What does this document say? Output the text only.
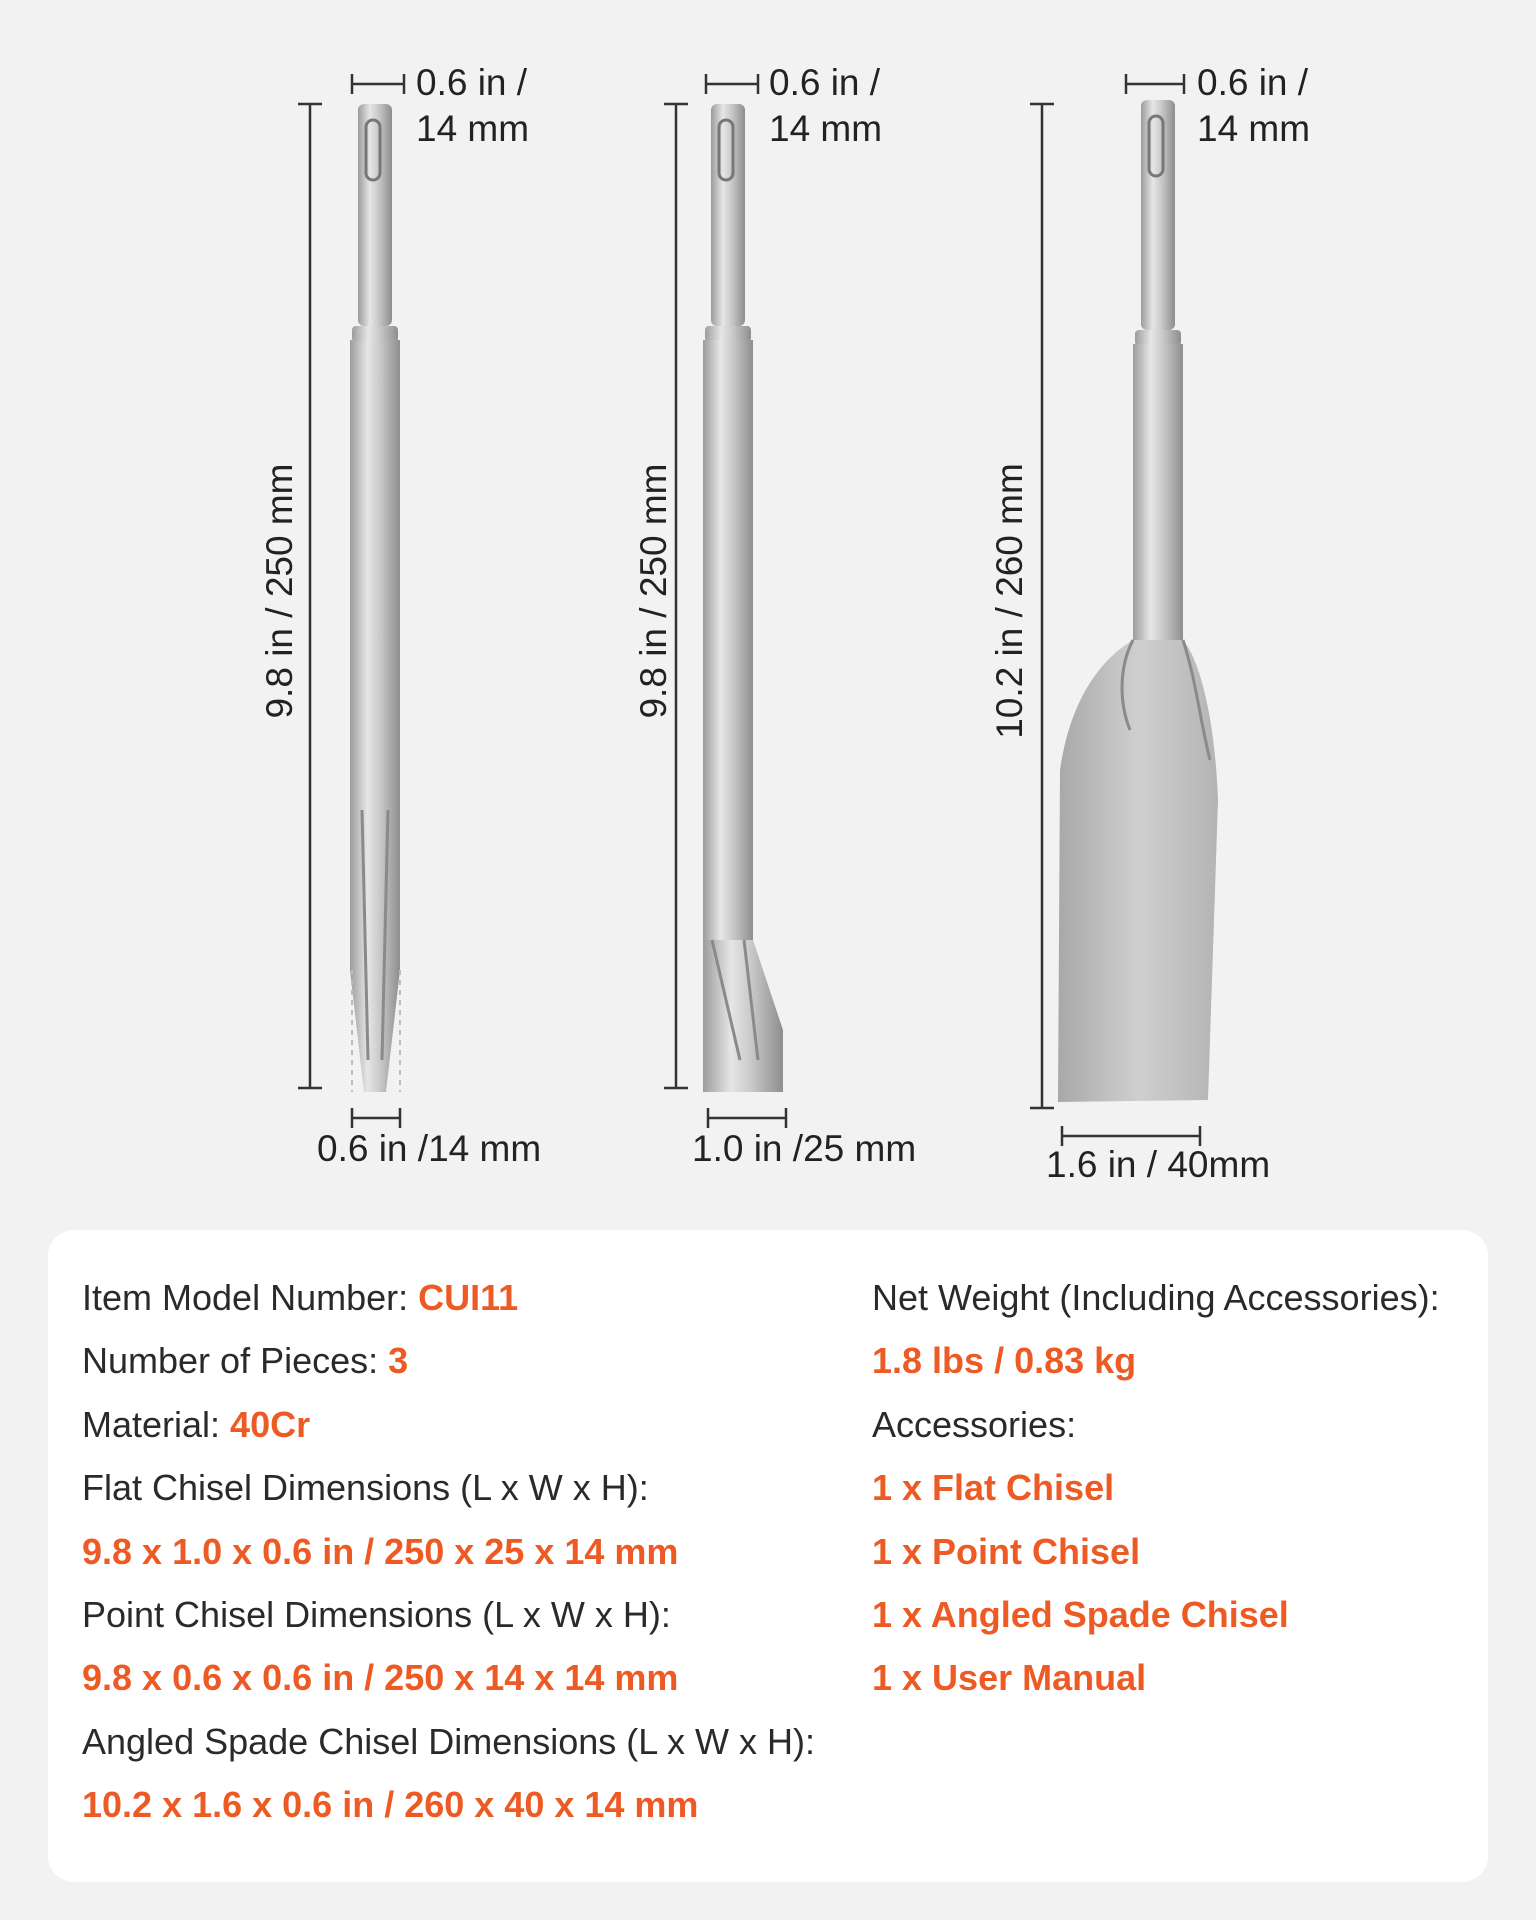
0.6 in /
14 mm
0.6 in /
14 mm
0.6 in /
14 mm
9.8 in / 250 mm	9.8 in / 250 mm	10.2 in / 260 mm
0.6 in /14 mm	1.0 in /25 mm	1.6 in / 40mm
Item Model Number: CUI11
Number of Pieces: 3
Material: 40Cr
Flat Chisel Dimensions (L x W x H):
9.8 x 1.0 x 0.6 in / 250 x 25 x 14 mm
Point Chisel Dimensions (L x W x H):
9.8 x 0.6 x 0.6 in / 250 x 14 x 14 mm
Angled Spade Chisel Dimensions (L x W x H):
10.2 x 1.6 x 0.6 in / 260 x 40 x 14 mm
Net Weight (Including Accessories):
1.8 lbs / 0.83 kg
Accessories:
1 x Flat Chisel
1 x Point Chisel
1 x Angled Spade Chisel
1 x User Manual
